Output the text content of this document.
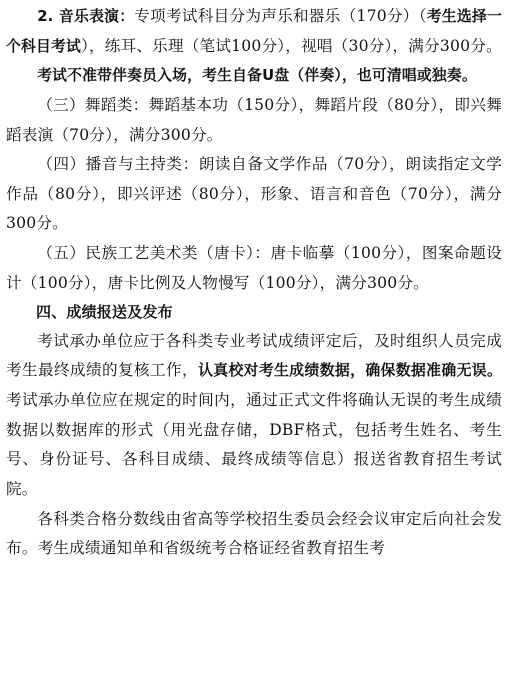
2. 音乐表演：专项考试科目分为声乐和器乐（170分）（考生选择一个科目考试），练耳、乐理（笔试100分），视唱（30分），满分300分。

考试不准带伴奏员入场，考生自备U盘（伴奏），也可清唱或独奏。

（三）舞蹈类：舞蹈基本功（150分），舞蹈片段（80分），即兴舞蹈表演（70分），满分300分。

（四）播音与主持类：朗读自备文学作品（70分），朗读指定文学作品（80分），即兴评述（80分），形象、语言和音色（70分），满分300分。

（五）民族工艺美术类（唐卡）：唐卡临摹（100分），图案命题设计（100分），唐卡比例及人物慢写（100分），满分300分。

四、成绩报送及发布

考试承办单位应于各科类专业考试成绩评定后，及时组织人员完成考生最终成绩的复核工作，认真校对考生成绩数据，确保数据准确无误。考试承办单位应在规定的时间内，通过正式文件将确认无误的考生成绩数据以数据库的形式（用光盘存储，DBF格式，包括考生姓名、考生号、身份证号、各科目成绩、最终成绩等信息）报送省教育招生考试院。

各科类合格分数线由省高等学校招生委员会经会议审定后向社会发布。考生成绩通知单和省级统考合格证经省教育招生考
